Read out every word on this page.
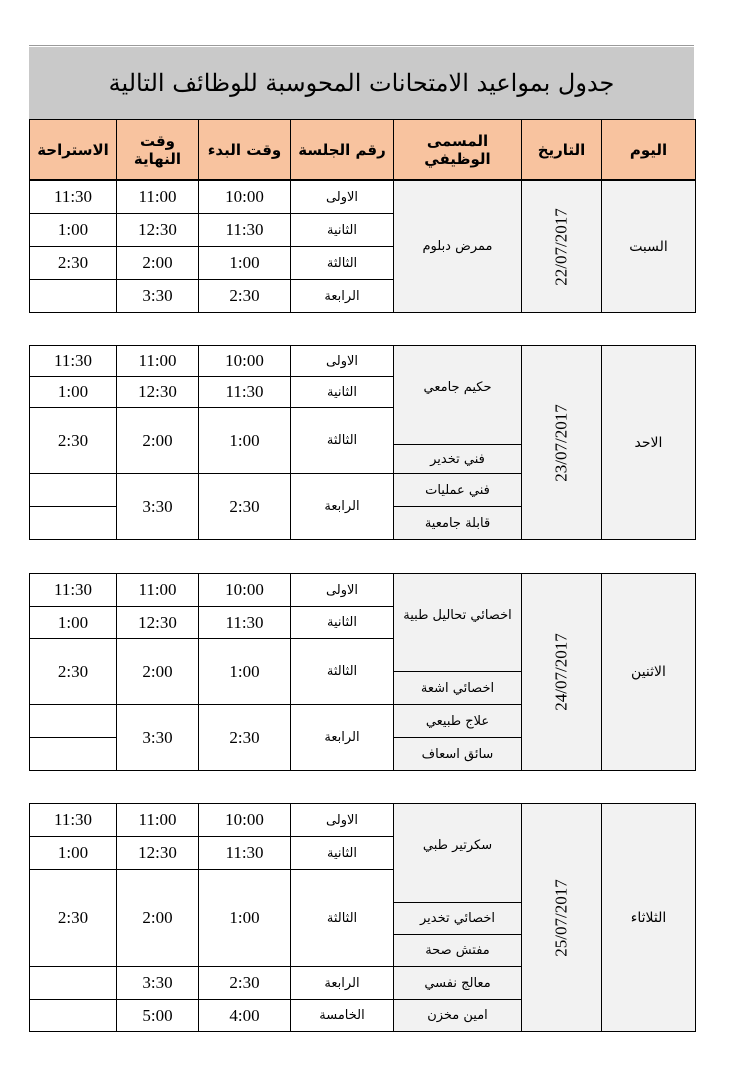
جدول بمواعيد الامتحانات المحوسبة للوظائف التالية
اليوم	التاريخ	المسمى الوظيفي	رقم الجلسة	وقت البدء	وقت النهاية	الاستراحة
السبت	22/07/2017	ممرض دبلوم	الاولى	10:00	11:00	11:30
			الثانية	11:30	12:30	1:00
			الثالثة	1:00	2:00	2:30
			الرابعة	2:30	3:30	
الاحد	23/07/2017	حكيم جامعي	الاولى	10:00	11:00	11:30
			الثانية	11:30	12:30	1:00
			الثالثة	1:00	2:00	2:30
		فني تخدير				
		فني عمليات	الرابعة	2:30	3:30	
		قابلة جامعية				
الاثنين	24/07/2017	اخصائي تحاليل طبية	الاولى	10:00	11:00	11:30
			الثانية	11:30	12:30	1:00
			الثالثة	1:00	2:00	2:30
		اخصائي اشعة				
		علاج طبيعي	الرابعة	2:30	3:30	
		سائق اسعاف				
الثلاثاء	25/07/2017	سكرتير طبي	الاولى	10:00	11:00	11:30
			الثانية	11:30	12:30	1:00
			الثالثة	1:00	2:00	2:30
		اخصائي تخدير				
		مفتش صحة				
		معالج نفسي	الرابعة	2:30	3:30	
		امين مخزن	الخامسة	4:00	5:00	
